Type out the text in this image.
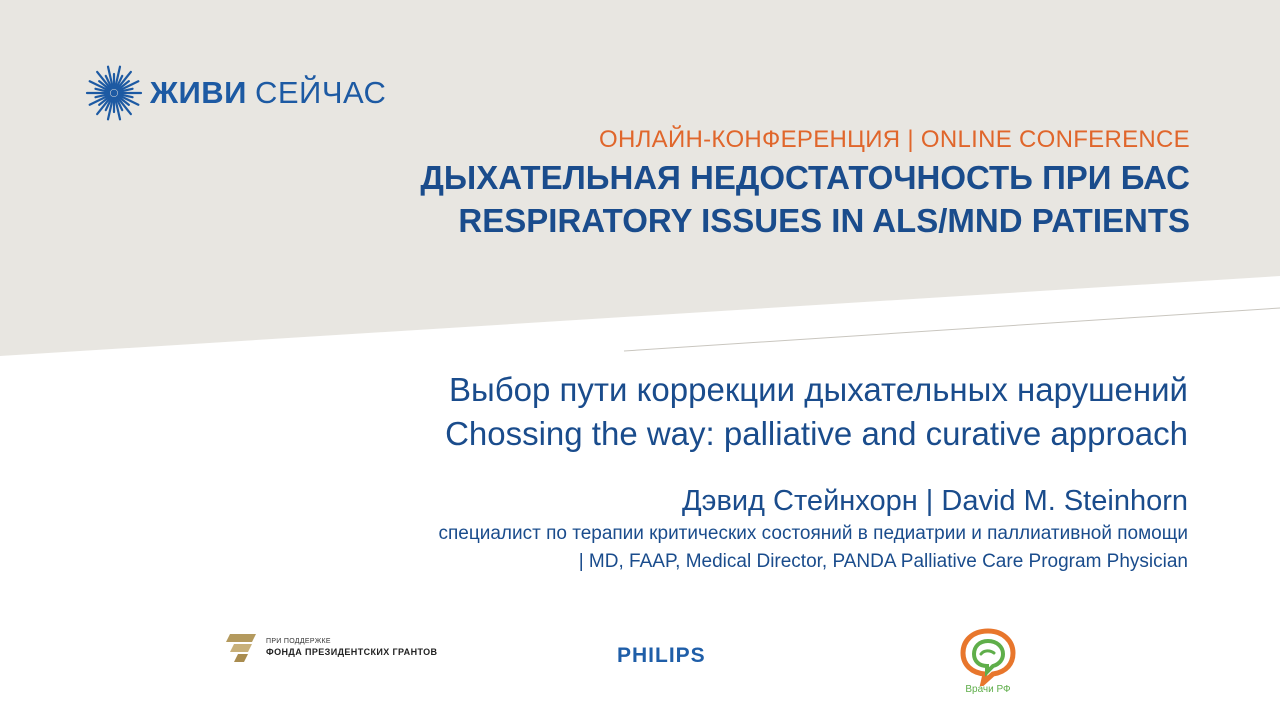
ЖИВИ СЕЙЧАС
ОНЛАЙН-КОНФЕРЕНЦИЯ | ONLINE CONFERENCE
ДЫХАТЕЛЬНАЯ НЕДОСТАТОЧНОСТЬ ПРИ БАС
RESPIRATORY ISSUES IN ALS/MND PATIENTS
Выбор пути коррекции дыхательных нарушений
Chossing the way: palliative and curative approach
Дэвид Стейнхорн | David M. Steinhorn
специалист по терапии критических состояний в педиатрии и паллиативной помощи
| MD, FAAP, Medical Director, PANDA Palliative Care Program Physician
ПРИ ПОДДЕРЖКЕ
ФОНДА ПРЕЗИДЕНТСКИХ ГРАНТОВ	PHILIPS
Врачи РФ
